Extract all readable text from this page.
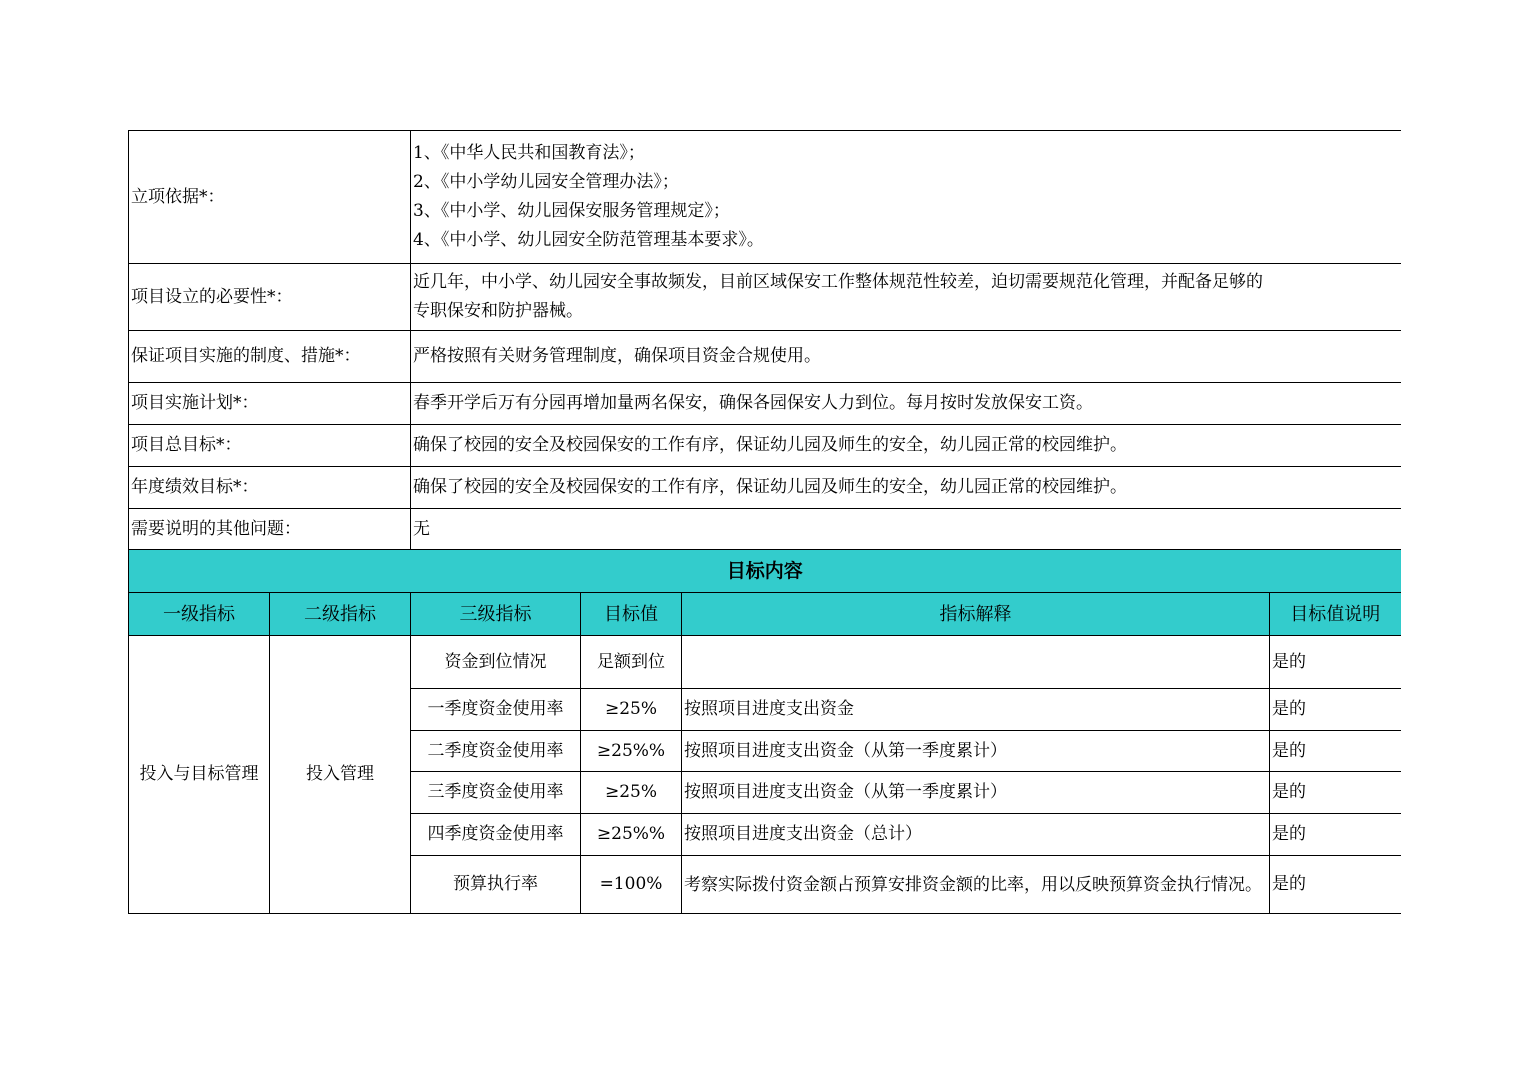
立项依据*：		1、《中华人民共和国教育法》；
2、《中小学幼儿园安全管理办法》；
3、《中小学、幼儿园保安服务管理规定》；
4、《中小学、幼儿园安全防范管理基本要求》。			

项目设立的必要性*：		近几年，中小学、幼儿园安全事故频发，目前区域保安工作整体规范性较差，迫切需要规范化管理，并配备足够的
专职保安和防护器械。			

保证项目实施的制度、措施*：		严格按照有关财务管理制度，确保项目资金合规使用。			

项目实施计划*：		春季开学后万有分园再增加量两名保安，确保各园保安人力到位。每月按时发放保安工资。			

项目总目标*：		确保了校园的安全及校园保安的工作有序，保证幼儿园及师生的安全，幼儿园正常的校园维护。			

年度绩效目标*：		确保了校园的安全及校园保安的工作有序，保证幼儿园及师生的安全，幼儿园正常的校园维护。			

需要说明的其他问题：		无			

目标内容					
一级指标	二级指标	三级指标	目标值	指标解释	目标值说明
投入与目标管理	投入管理	资金到位情况	足额到位		是的
		一季度资金使用率	≥25%	按照项目进度支出资金	是的
		二季度资金使用率	≥25%%	按照项目进度支出资金（从第一季度累计）	是的
		三季度资金使用率	≥25%	按照项目进度支出资金（从第一季度累计）	是的
		四季度资金使用率	≥25%%	按照项目进度支出资金（总计）	是的
		预算执行率	=100%	考察实际拨付资金额占预算安排资金额的比率，用以反映预算资金执行情况。	是的
